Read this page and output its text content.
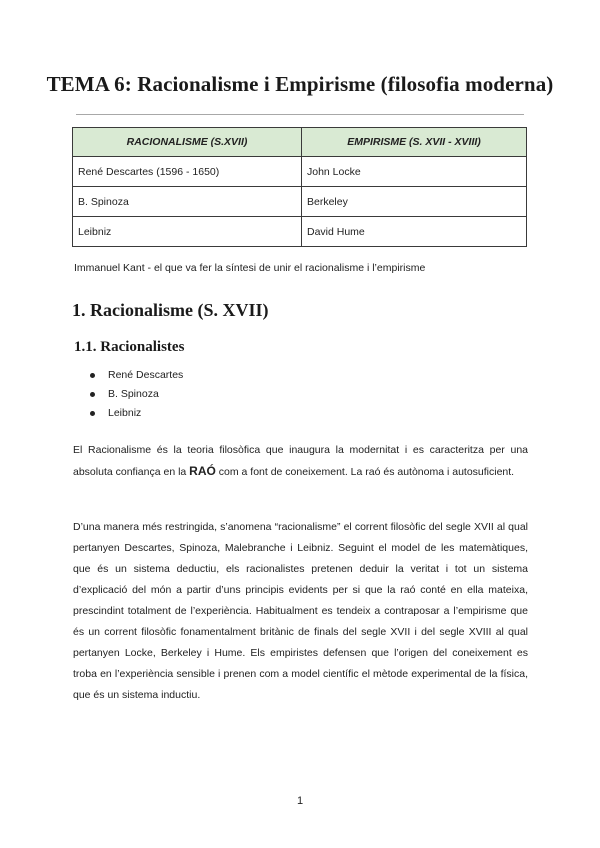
TEMA 6: Racionalisme i Empirisme (filosofia moderna)
RACIONALISME (S.XVII)	EMPIRISME (S. XVII - XVIII)
René Descartes (1596 - 1650)	John Locke
B. Spinoza	Berkeley
Leibniz	David Hume

Immanuel Kant - el que va fer la síntesi de unir el racionalisme i l’empirisme

1. Racionalisme (S. XVII)
1.1. Racionalistes
René Descartes
B. Spinoza
Leibniz

El Racionalisme és la teoria filosòfica que inaugura la modernitat i es caracteritza per una absoluta confiança en la RAÓ com a font de coneixement. La raó és autònoma i autosuficient.

D’una manera més restringida, s’anomena “racionalisme” el corrent filosòfic del segle XVII al qual pertanyen Descartes, Spinoza, Malebranche i Leibniz. Seguint el model de les matemàtiques, que és un sistema deductiu, els racionalistes pretenen deduir la veritat i tot un sistema d’explicació del món a partir d’uns principis evidents per si que la raó conté en ella mateixa, prescindint totalment de l’experiència. Habitualment es tendeix a contraposar a l’empirisme que és un corrent filosòfic fonamentalment britànic de finals del segle XVII i del segle XVIII al qual pertanyen Locke, Berkeley i Hume. Els empiristes defensen que l’origen del coneixement es troba en l’experiència sensible i prenen com a model científic el mètode experimental de la física, que és un sistema inductiu.

1
